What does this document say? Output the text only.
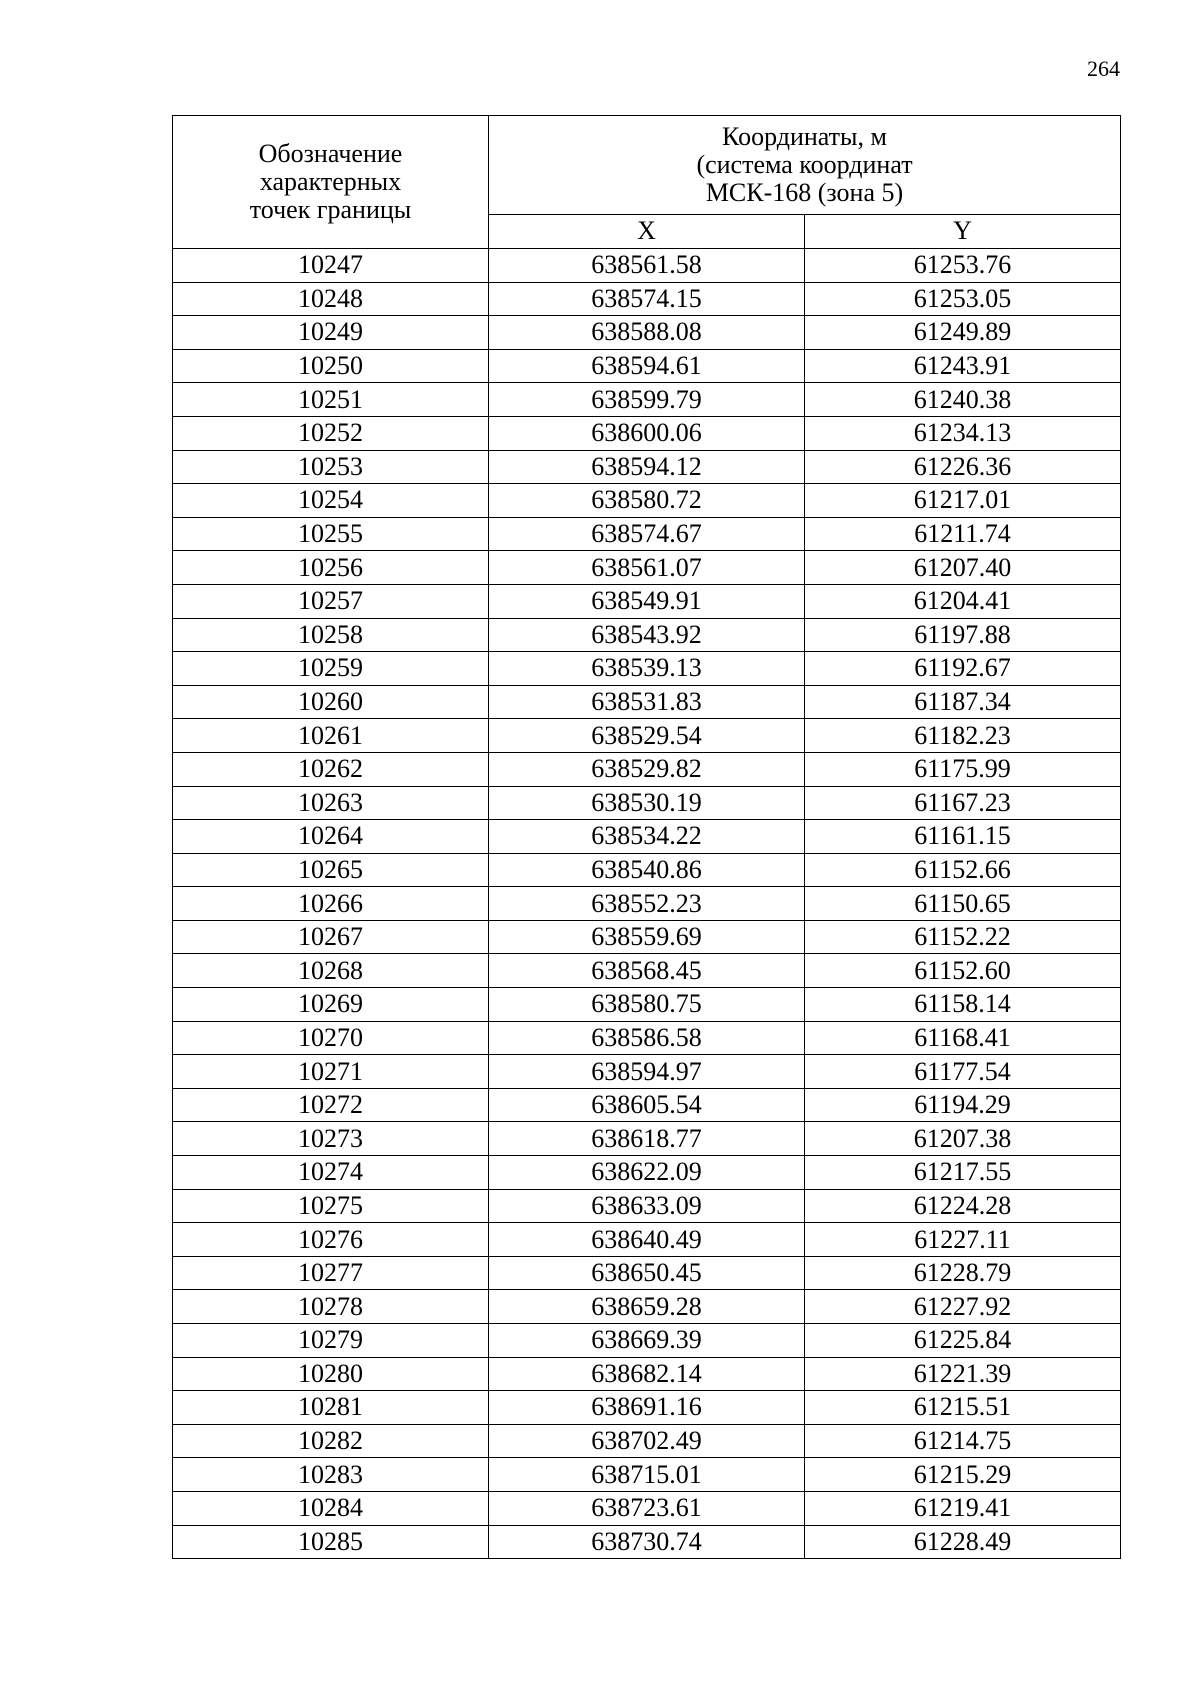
264
Обозначение
характерных
точек границы	Координаты, м
(система координат
МСК-168 (зона 5)	

	X	Y
10247	638561.58	61253.76
10248	638574.15	61253.05
10249	638588.08	61249.89
10250	638594.61	61243.91
10251	638599.79	61240.38
10252	638600.06	61234.13
10253	638594.12	61226.36
10254	638580.72	61217.01
10255	638574.67	61211.74
10256	638561.07	61207.40
10257	638549.91	61204.41
10258	638543.92	61197.88
10259	638539.13	61192.67
10260	638531.83	61187.34
10261	638529.54	61182.23
10262	638529.82	61175.99
10263	638530.19	61167.23
10264	638534.22	61161.15
10265	638540.86	61152.66
10266	638552.23	61150.65
10267	638559.69	61152.22
10268	638568.45	61152.60
10269	638580.75	61158.14
10270	638586.58	61168.41
10271	638594.97	61177.54
10272	638605.54	61194.29
10273	638618.77	61207.38
10274	638622.09	61217.55
10275	638633.09	61224.28
10276	638640.49	61227.11
10277	638650.45	61228.79
10278	638659.28	61227.92
10279	638669.39	61225.84
10280	638682.14	61221.39
10281	638691.16	61215.51
10282	638702.49	61214.75
10283	638715.01	61215.29
10284	638723.61	61219.41
10285	638730.74	61228.49
